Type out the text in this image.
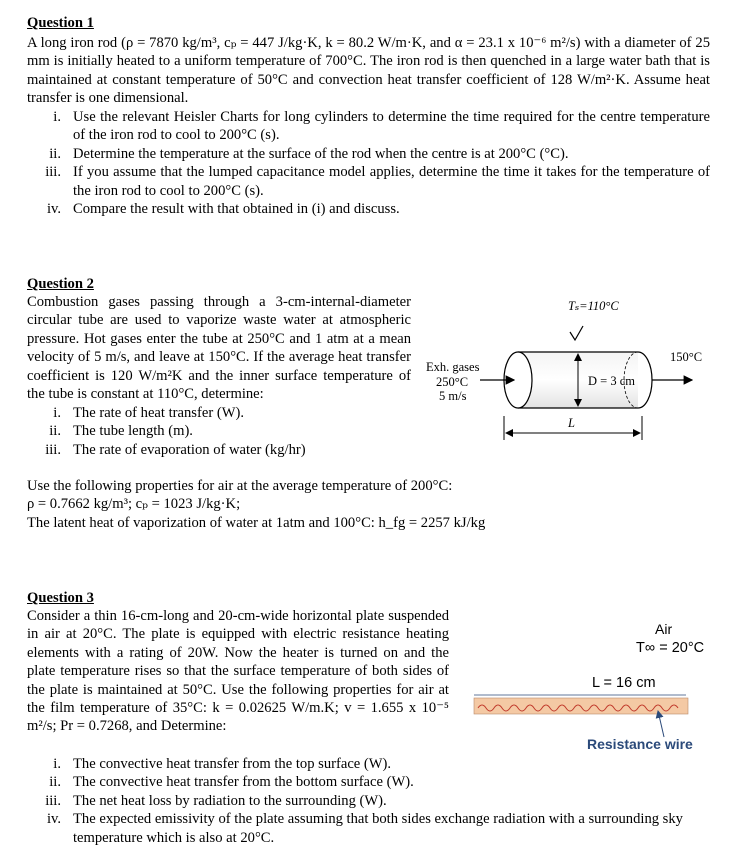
Question 1
A long iron rod (ρ = 7870 kg/m³, cₚ = 447 J/kg·K, k = 80.2 W/m·K, and α = 23.1 x 10⁻⁶ m²/s) with a diameter of 25 mm is initially heated to a uniform temperature of 700°C. The iron rod is then quenched in a large water bath that is maintained at constant temperature of 50°C and convection heat transfer coefficient of 128 W/m²·K. Assume heat transfer is one dimensional.
i. Use the relevant Heisler Charts for long cylinders to determine the time required for the centre temperature of the iron rod to cool to 200°C (s).
ii. Determine the temperature at the surface of the rod when the centre is at 200°C (°C).
iii. If you assume that the lumped capacitance model applies, determine the time it takes for the temperature of the iron rod to cool to 200°C (s).
iv. Compare the result with that obtained in (i) and discuss.
Question 2
Combustion gases passing through a 3-cm-internal-diameter circular tube are used to vaporize waste water at atmospheric pressure. Hot gases enter the tube at 250°C and 1 atm at a mean velocity of 5 m/s, and leave at 150°C. If the average heat transfer coefficient is 120 W/m²K and the inner surface temperature of the tube is constant at 110°C, determine:
i. The rate of heat transfer (W).
ii. The tube length (m).
iii. The rate of evaporation of water (kg/hr)
Tₛ=110°C
Exh. gases
250°C
5 m/s
D = 3 cm
150°C
L
Use the following properties for air at the average temperature of 200°C:
ρ = 0.7662 kg/m³; cₚ = 1023 J/kg·K;
The latent heat of vaporization of water at 1atm and 100°C: h_fg = 2257 kJ/kg
Question 3
Consider a thin 16-cm-long and 20-cm-wide horizontal plate suspended in air at 20°C. The plate is equipped with electric resistance heating elements with a rating of 20W. Now the heater is turned on and the plate temperature rises so that the surface temperature of both sides of the plate is maintained at 50°C. Use the following properties for air at the film temperature of 35°C: k = 0.02625 W/m.K; v = 1.655 x 10⁻⁵ m²/s; Pr = 0.7268, and Determine:
i. The convective heat transfer from the top surface (W).
ii. The convective heat transfer from the bottom surface (W).
iii. The net heat loss by radiation to the surrounding (W).
iv. The expected emissivity of the plate assuming that both sides exchange radiation with a surrounding sky temperature which is also at 20°C.
Air
T∞ = 20°C
L = 16 cm
Resistance wire
